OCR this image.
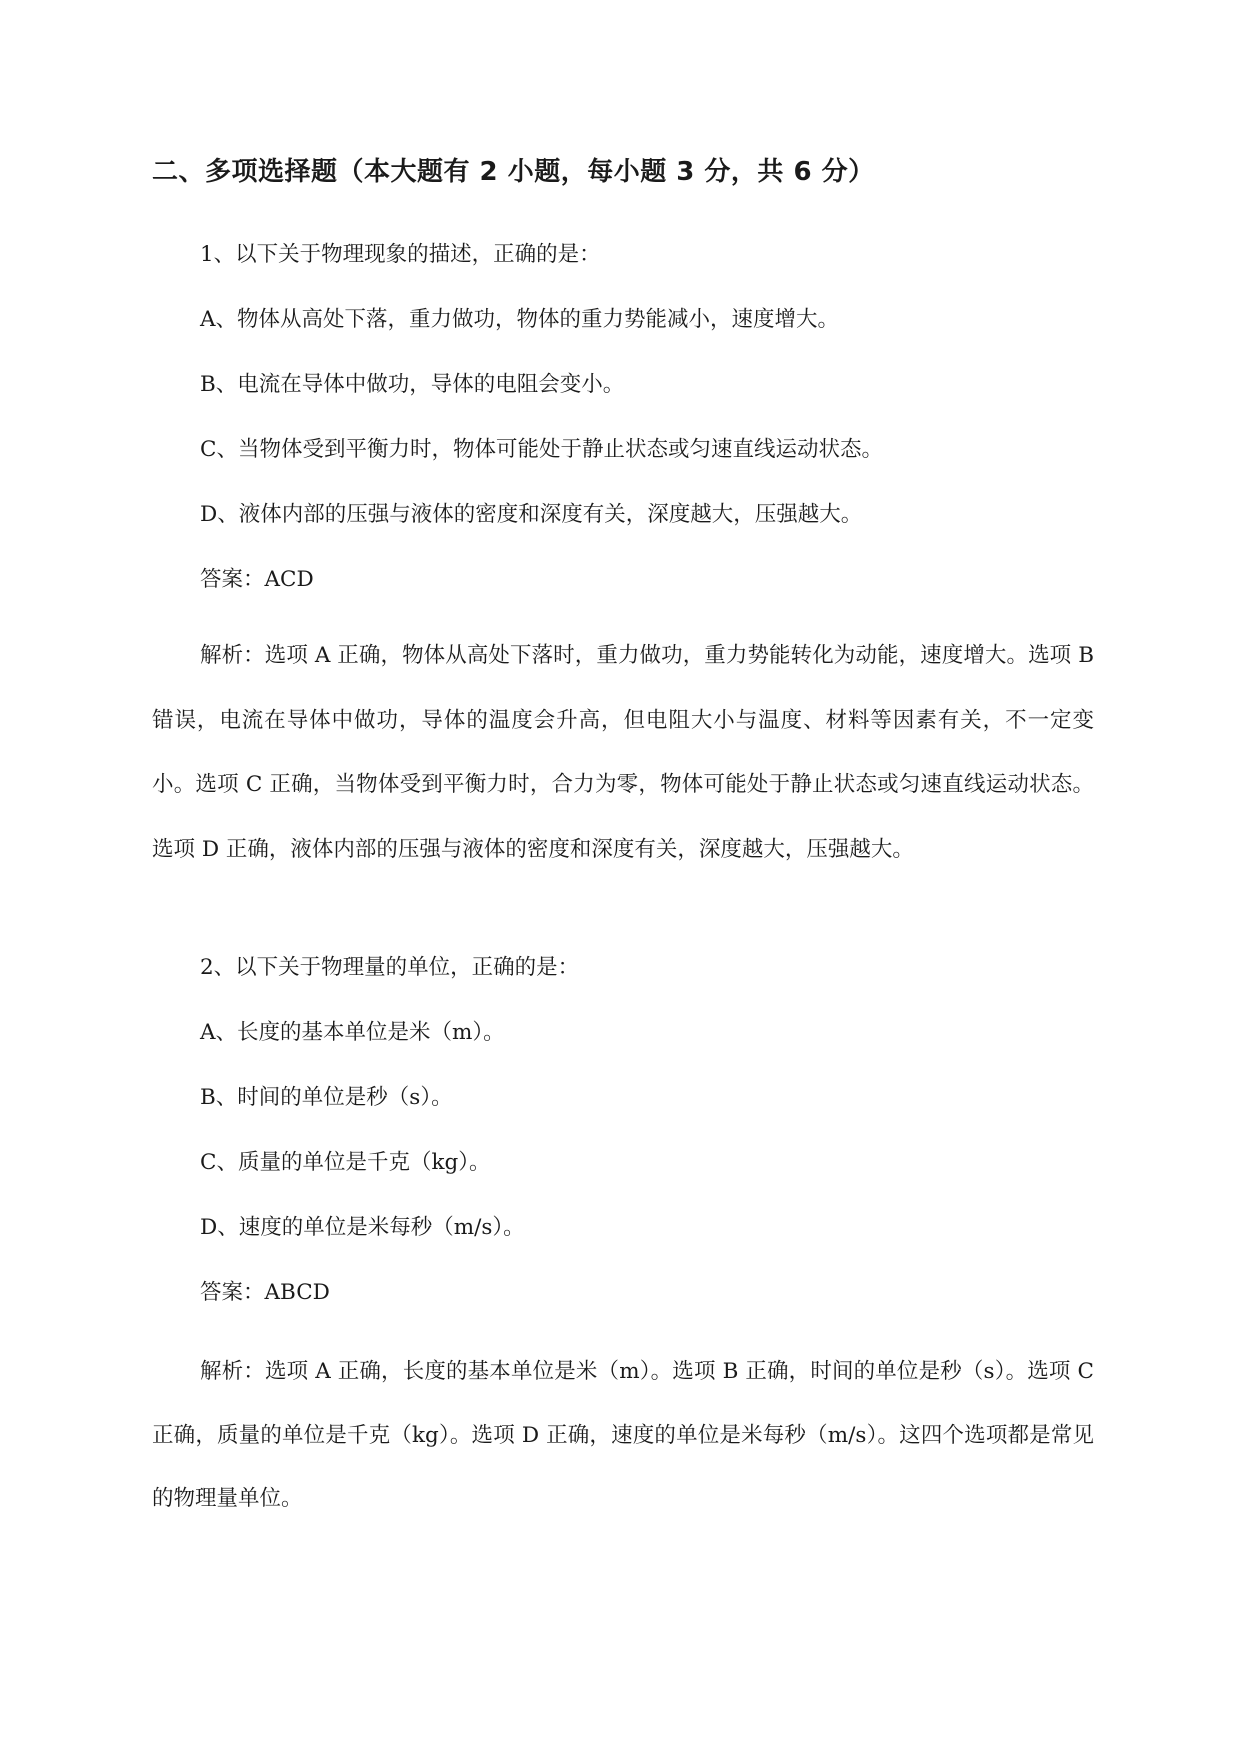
二、多项选择题（本大题有 2 小题，每小题 3 分，共 6 分）
1、以下关于物理现象的描述，正确的是：
A、物体从高处下落，重力做功，物体的重力势能减小，速度增大。
B、电流在导体中做功，导体的电阻会变小。
C、当物体受到平衡力时，物体可能处于静止状态或匀速直线运动状态。
D、液体内部的压强与液体的密度和深度有关，深度越大，压强越大。
答案：ACD

解析：选项 A 正确，物体从高处下落时，重力做功，重力势能转化为动能，速度增大。选项 B 错误，电流在导体中做功，导体的温度会升高，但电阻大小与温度、材料等因素有关，不一定变小。选项 C 正确，当物体受到平衡力时，合力为零，物体可能处于静止状态或匀速直线运动状态。选项 D 正确，液体内部的压强与液体的密度和深度有关，深度越大，压强越大。

2、以下关于物理量的单位，正确的是：
A、长度的基本单位是米（m）。
B、时间的单位是秒（s）。
C、质量的单位是千克（kg）。
D、速度的单位是米每秒（m/s）。
答案：ABCD

解析：选项 A 正确，长度的基本单位是米（m）。选项 B 正确，时间的单位是秒（s）。选项 C 正确，质量的单位是千克（kg）。选项 D 正确，速度的单位是米每秒（m/s）。这四个选项都是常见的物理量单位。
